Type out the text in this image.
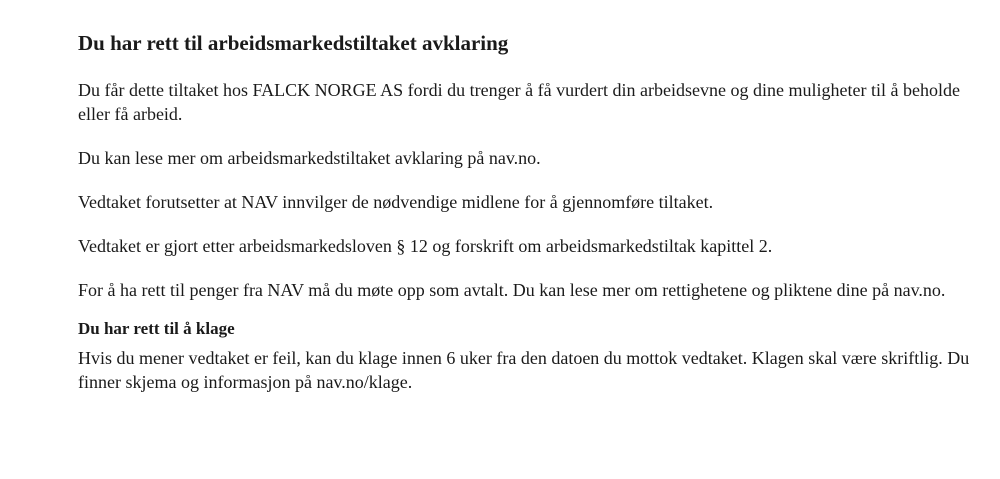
Du har rett til arbeidsmarkedstiltaket avklaring

Du får dette tiltaket hos FALCK NORGE AS fordi du trenger å få vurdert din arbeidsevne og dine muligheter til å beholde eller få arbeid.

Du kan lese mer om arbeidsmarkedstiltaket avklaring på nav.no.

Vedtaket forutsetter at NAV innvilger de nødvendige midlene for å gjennomføre tiltaket.

Vedtaket er gjort etter arbeidsmarkedsloven § 12 og forskrift om arbeidsmarkedstiltak kapittel 2.

For å ha rett til penger fra NAV må du møte opp som avtalt. Du kan lese mer om rettighetene og pliktene dine på nav.no.

Du har rett til å klage

Hvis du mener vedtaket er feil, kan du klage innen 6 uker fra den datoen du mottok vedtaket. Klagen skal være skriftlig. Du finner skjema og informasjon på nav.no/klage.
